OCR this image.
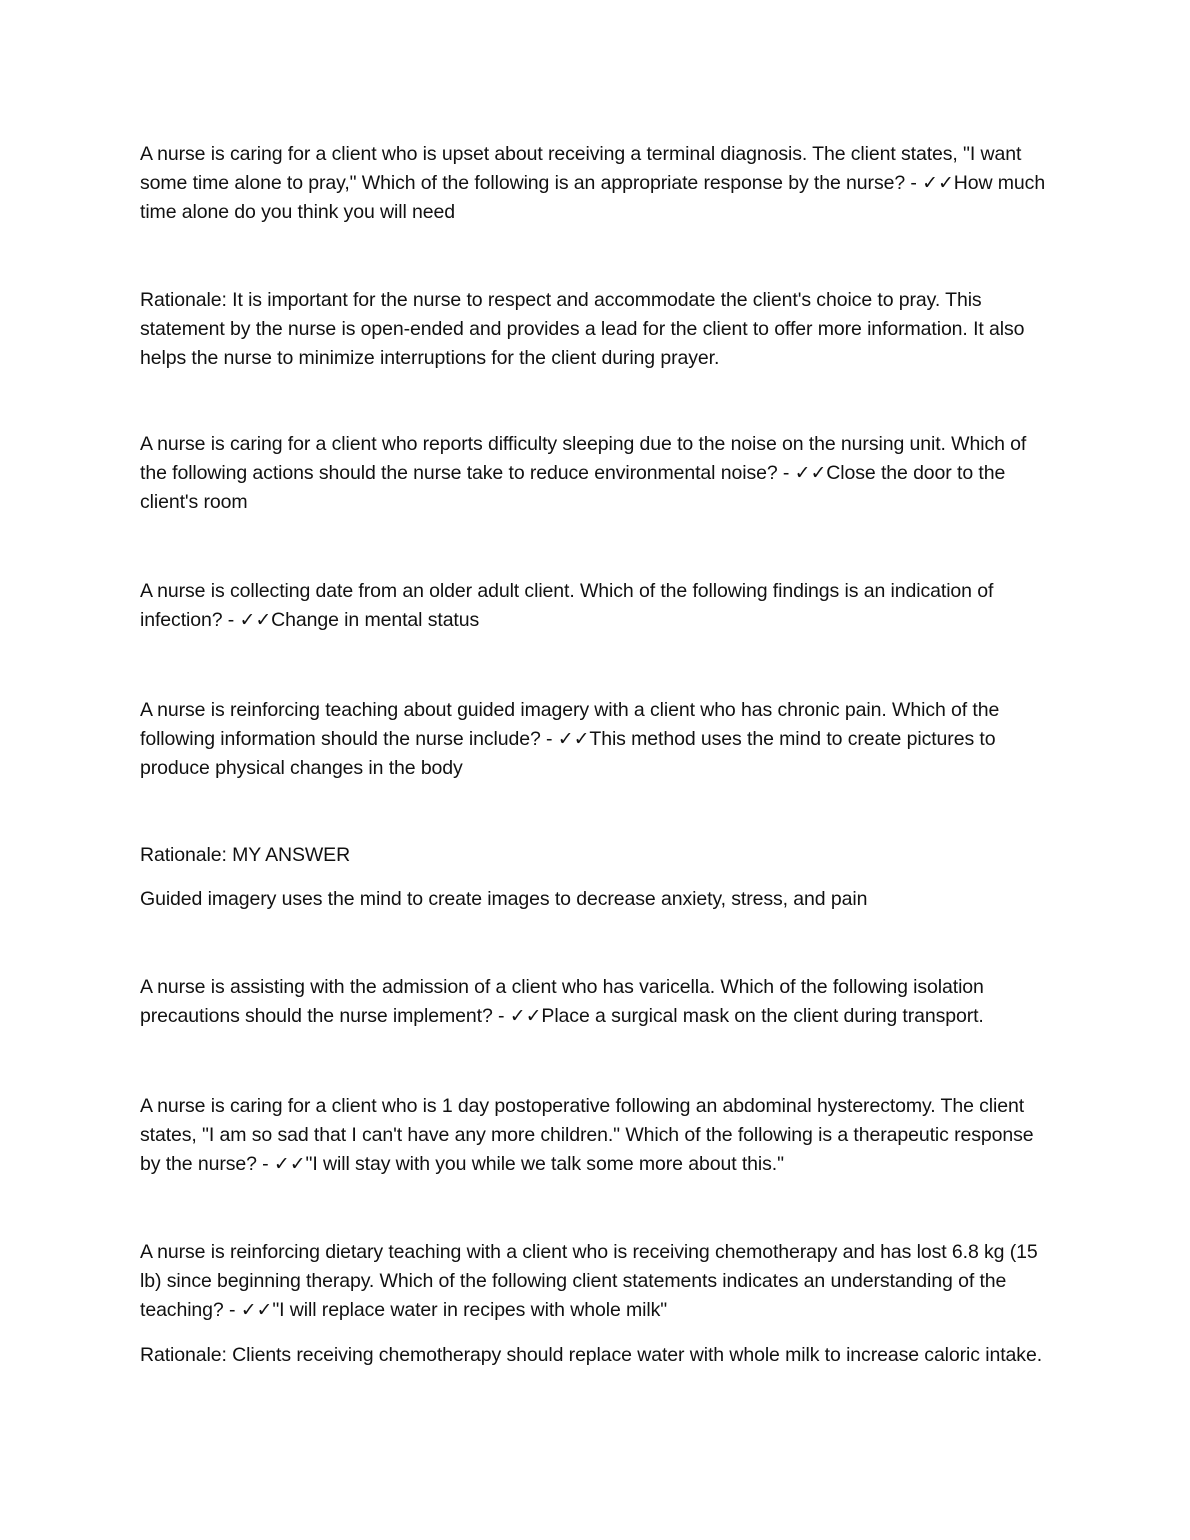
A nurse is caring for a client who is upset about receiving a terminal diagnosis. The client states, "I want some time alone to pray," Which of the following is an appropriate response by the nurse? - ✓✓How much time alone do you think you will need

Rationale: It is important for the nurse to respect and accommodate the client's choice to pray. This statement by the nurse is open-ended and provides a lead for the client to offer more information. It also helps the nurse to minimize interruptions for the client during prayer.

A nurse is caring for a client who reports difficulty sleeping due to the noise on the nursing unit. Which of the following actions should the nurse take to reduce environmental noise? - ✓✓Close the door to the client's room

A nurse is collecting date from an older adult client. Which of the following findings is an indication of infection? - ✓✓Change in mental status

A nurse is reinforcing teaching about guided imagery with a client who has chronic pain. Which of the following information should the nurse include? - ✓✓This method uses the mind to create pictures to produce physical changes in the body

Rationale: MY ANSWER

Guided imagery uses the mind to create images to decrease anxiety, stress, and pain

A nurse is assisting with the admission of a client who has varicella. Which of the following isolation precautions should the nurse implement? - ✓✓Place a surgical mask on the client during transport.

A nurse is caring for a client who is 1 day postoperative following an abdominal hysterectomy. The client states, "I am so sad that I can't have any more children." Which of the following is a therapeutic response by the nurse? - ✓✓"I will stay with you while we talk some more about this."

A nurse is reinforcing dietary teaching with a client who is receiving chemotherapy and has lost 6.8 kg (15 lb) since beginning therapy. Which of the following client statements indicates an understanding of the teaching? - ✓✓"I will replace water in recipes with whole milk"

Rationale: Clients receiving chemotherapy should replace water with whole milk to increase caloric intake.
